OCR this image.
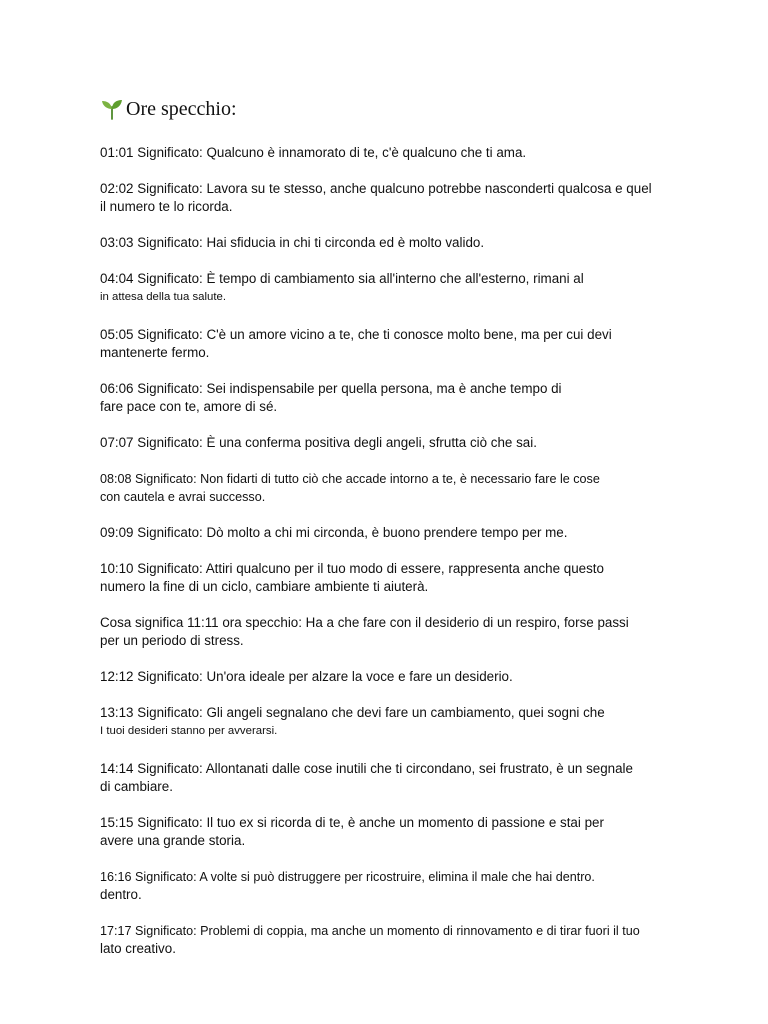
Ore specchio:

01:01 Significato: Qualcuno è innamorato di te, c'è qualcuno che ti ama.

02:02 Significato: Lavora su te stesso, anche qualcuno potrebbe nasconderti qualcosa e quel
il numero te lo ricorda.

03:03 Significato: Hai sfiducia in chi ti circonda ed è molto valido.

04:04 Significato: È tempo di cambiamento sia all'interno che all'esterno, rimani al
in attesa della tua salute.

05:05 Significato: C'è un amore vicino a te, che ti conosce molto bene, ma per cui devi
mantenerte fermo.

06:06 Significato: Sei indispensabile per quella persona, ma è anche tempo di
fare pace con te, amore di sé.

07:07 Significato: È una conferma positiva degli angeli, sfrutta ciò che sai.

08:08 Significato: Non fidarti di tutto ciò che accade intorno a te, è necessario fare le cose
con cautela e avrai successo.

09:09 Significato: Dò molto a chi mi circonda, è buono prendere tempo per me.

10:10 Significato: Attiri qualcuno per il tuo modo di essere, rappresenta anche questo
numero la fine di un ciclo, cambiare ambiente ti aiuterà.

Cosa significa 11:11 ora specchio: Ha a che fare con il desiderio di un respiro, forse passi
per un periodo di stress.

12:12 Significato: Un'ora ideale per alzare la voce e fare un desiderio.

13:13 Significato: Gli angeli segnalano che devi fare un cambiamento, quei sogni che
I tuoi desideri stanno per avverarsi.

14:14 Significato: Allontanati dalle cose inutili che ti circondano, sei frustrato, è un segnale
di cambiare.

15:15 Significato: Il tuo ex si ricorda di te, è anche un momento di passione e stai per
avere una grande storia.

16:16 Significato: A volte si può distruggere per ricostruire, elimina il male che hai dentro.
dentro.

17:17 Significato: Problemi di coppia, ma anche un momento di rinnovamento e di tirar fuori il tuo
lato creativo.
